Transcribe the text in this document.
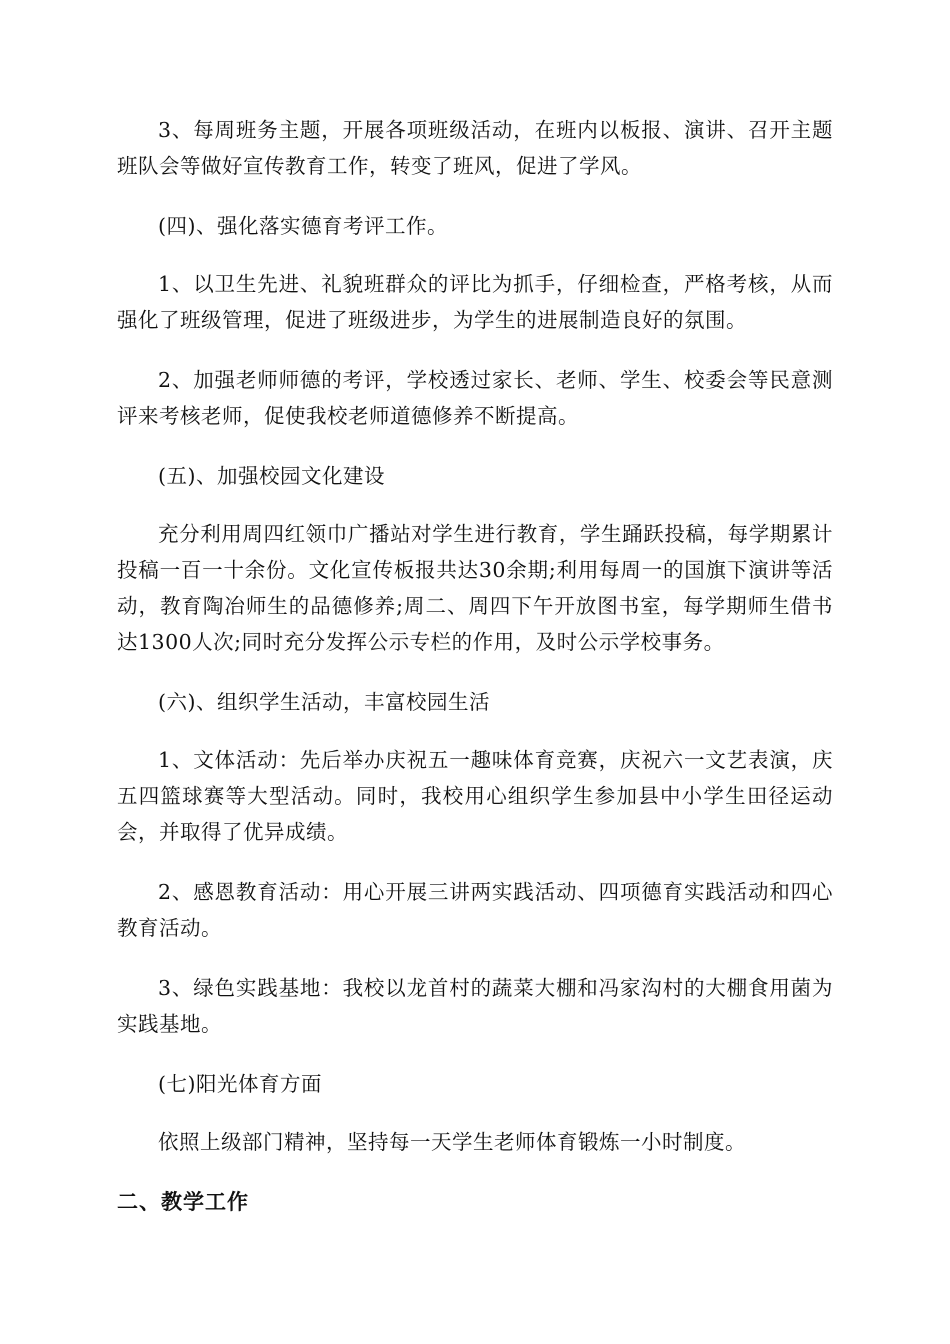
3、每周班务主题，开展各项班级活动，在班内以板报、演讲、召开主题班队会等做好宣传教育工作，转变了班风，促进了学风。

(四)、强化落实德育考评工作。

1、以卫生先进、礼貌班群众的评比为抓手，仔细检查，严格考核，从而强化了班级管理，促进了班级进步，为学生的进展制造良好的氛围。

2、加强老师师德的考评，学校透过家长、老师、学生、校委会等民意测评来考核老师，促使我校老师道德修养不断提高。

(五)、加强校园文化建设

充分利用周四红领巾广播站对学生进行教育，学生踊跃投稿，每学期累计投稿一百一十余份。文化宣传板报共达30余期;利用每周一的国旗下演讲等活动，教育陶冶师生的品德修养;周二、周四下午开放图书室，每学期师生借书达1300人次;同时充分发挥公示专栏的作用，及时公示学校事务。

(六)、组织学生活动，丰富校园生活

1、文体活动：先后举办庆祝五一趣味体育竞赛，庆祝六一文艺表演，庆五四篮球赛等大型活动。同时，我校用心组织学生参加县中小学生田径运动会，并取得了优异成绩。

2、感恩教育活动：用心开展三讲两实践活动、四项德育实践活动和四心教育活动。

3、绿色实践基地：我校以龙首村的蔬菜大棚和冯家沟村的大棚食用菌为实践基地。

(七)阳光体育方面

依照上级部门精神，坚持每一天学生老师体育锻炼一小时制度。

二、教学工作
